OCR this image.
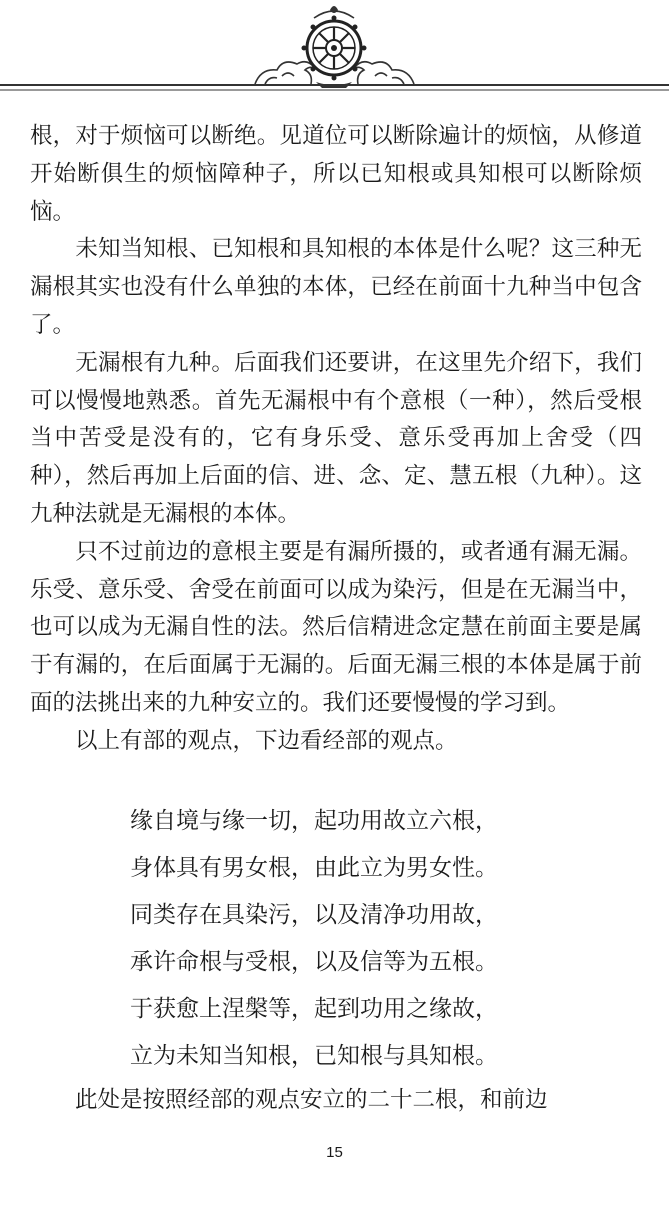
根，对于烦恼可以断绝。见道位可以断除遍计的烦恼，从修道开始断俱生的烦恼障种子，所以已知根或具知根可以断除烦恼。

　　未知当知根、已知根和具知根的本体是什么呢？这三种无漏根其实也没有什么单独的本体，已经在前面十九种当中包含了。

　　无漏根有九种。后面我们还要讲，在这里先介绍下，我们可以慢慢地熟悉。首先无漏根中有个意根（一种），然后受根当中苦受是没有的，它有身乐受、意乐受再加上舍受（四种），然后再加上后面的信、进、念、定、慧五根（九种）。这九种法就是无漏根的本体。

　　只不过前边的意根主要是有漏所摄的，或者通有漏无漏。乐受、意乐受、舍受在前面可以成为染污，但是在无漏当中，也可以成为无漏自性的法。然后信精进念定慧在前面主要是属于有漏的，在后面属于无漏的。后面无漏三根的本体是属于前面的法挑出来的九种安立的。我们还要慢慢的学习到。

　　以上有部的观点，下边看经部的观点。

缘自境与缘一切，起功用故立六根，
身体具有男女根，由此立为男女性。
同类存在具染污，以及清净功用故，
承许命根与受根，以及信等为五根。
于获愈上涅槃等，起到功用之缘故，
立为未知当知根，已知根与具知根。
　　此处是按照经部的观点安立的二十二根，和前边
15
